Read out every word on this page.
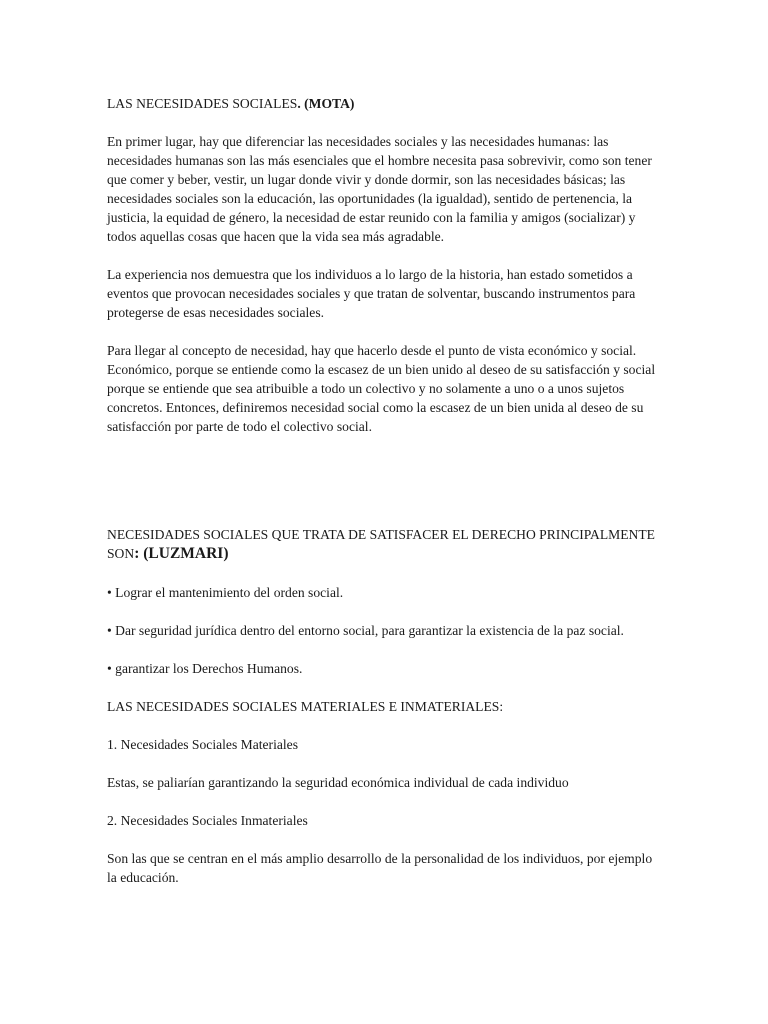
LAS NECESIDADES SOCIALES. (MOTA)

En primer lugar, hay que diferenciar las necesidades sociales y las necesidades humanas: las necesidades humanas son las más esenciales que el hombre necesita pasa sobrevivir, como son tener que comer y beber, vestir, un lugar donde vivir y donde dormir, son las necesidades básicas; las necesidades sociales son la educación, las oportunidades (la igualdad), sentido de pertenencia, la justicia, la equidad de género, la necesidad de estar reunido con la familia y amigos (socializar) y todos aquellas cosas que hacen que la vida sea más agradable.

La experiencia nos demuestra que los individuos a lo largo de la historia, han estado sometidos a eventos que provocan necesidades sociales y que tratan de solventar, buscando instrumentos para protegerse de esas necesidades sociales.

Para llegar al concepto de necesidad, hay que hacerlo desde el punto de vista económico y social. Económico, porque se entiende como la escasez de un bien unido al deseo de su satisfacción y social porque se entiende que sea atribuible a todo un colectivo y no solamente a uno o a unos sujetos concretos. Entonces, definiremos necesidad social como la escasez de un bien unida al deseo de su satisfacción por parte de todo el colectivo social.

NECESIDADES SOCIALES QUE TRATA DE SATISFACER EL DERECHO PRINCIPALMENTE SON: (LUZMARI)

• Lograr el mantenimiento del orden social.

• Dar seguridad jurídica dentro del entorno social, para garantizar la existencia de la paz social.

• garantizar los Derechos Humanos.

LAS NECESIDADES SOCIALES MATERIALES E INMATERIALES:

1. Necesidades Sociales Materiales

Estas, se paliarían garantizando la seguridad económica individual de cada individuo

2. Necesidades Sociales Inmateriales

Son las que se centran en el más amplio desarrollo de la personalidad de los individuos, por ejemplo la educación.
